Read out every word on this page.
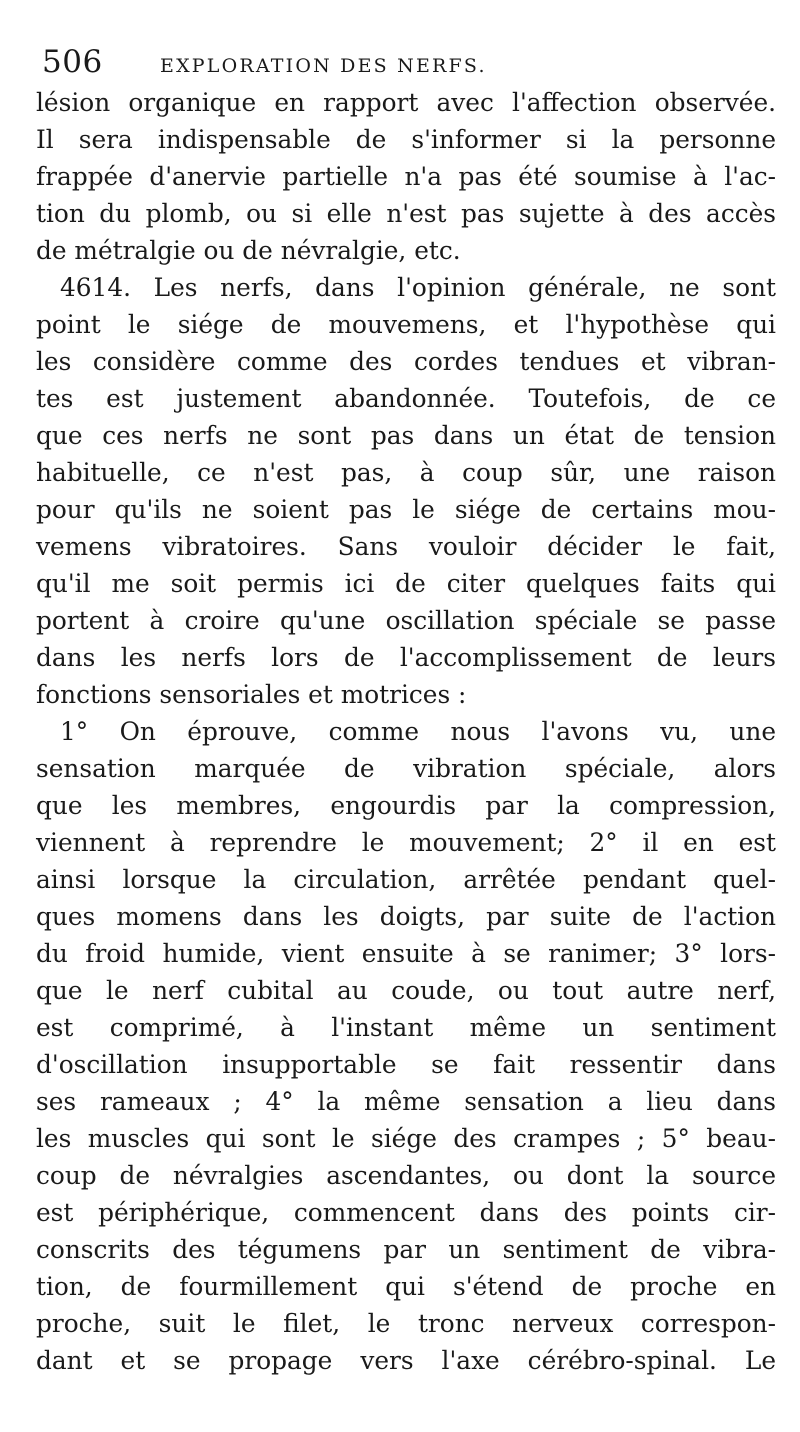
506	EXPLORATION DES NERFS.
lésion organique en rapport avec l'affection observée.
Il sera indispensable de s'informer si la personne
frappée d'anervie partielle n'a pas été soumise à l'ac-
tion du plomb, ou si elle n'est pas sujette à des accès
de métralgie ou de névralgie, etc.
4614. Les nerfs, dans l'opinion générale, ne sont
point le siége de mouvemens, et l'hypothèse qui
les considère comme des cordes tendues et vibran-
tes est justement abandonnée. Toutefois, de ce
que ces nerfs ne sont pas dans un état de tension
habituelle, ce n'est pas, à coup sûr, une raison
pour qu'ils ne soient pas le siége de certains mou-
vemens vibratoires. Sans vouloir décider le fait,
qu'il me soit permis ici de citer quelques faits qui
portent à croire qu'une oscillation spéciale se passe
dans les nerfs lors de l'accomplissement de leurs
fonctions sensoriales et motrices :
1° On éprouve, comme nous l'avons vu, une
sensation marquée de vibration spéciale, alors
que les membres, engourdis par la compression,
viennent à reprendre le mouvement; 2° il en est
ainsi lorsque la circulation, arrêtée pendant quel-
ques momens dans les doigts, par suite de l'action
du froid humide, vient ensuite à se ranimer; 3° lors-
que le nerf cubital au coude, ou tout autre nerf,
est comprimé, à l'instant même un sentiment
d'oscillation insupportable se fait ressentir dans
ses rameaux ; 4° la même sensation a lieu dans
les muscles qui sont le siége des crampes ; 5° beau-
coup de névralgies ascendantes, ou dont la source
est périphérique, commencent dans des points cir-
conscrits des tégumens par un sentiment de vibra-
tion, de fourmillement qui s'étend de proche en
proche, suit le filet, le tronc nerveux correspon-
dant et se propage vers l'axe cérébro-spinal. Le
